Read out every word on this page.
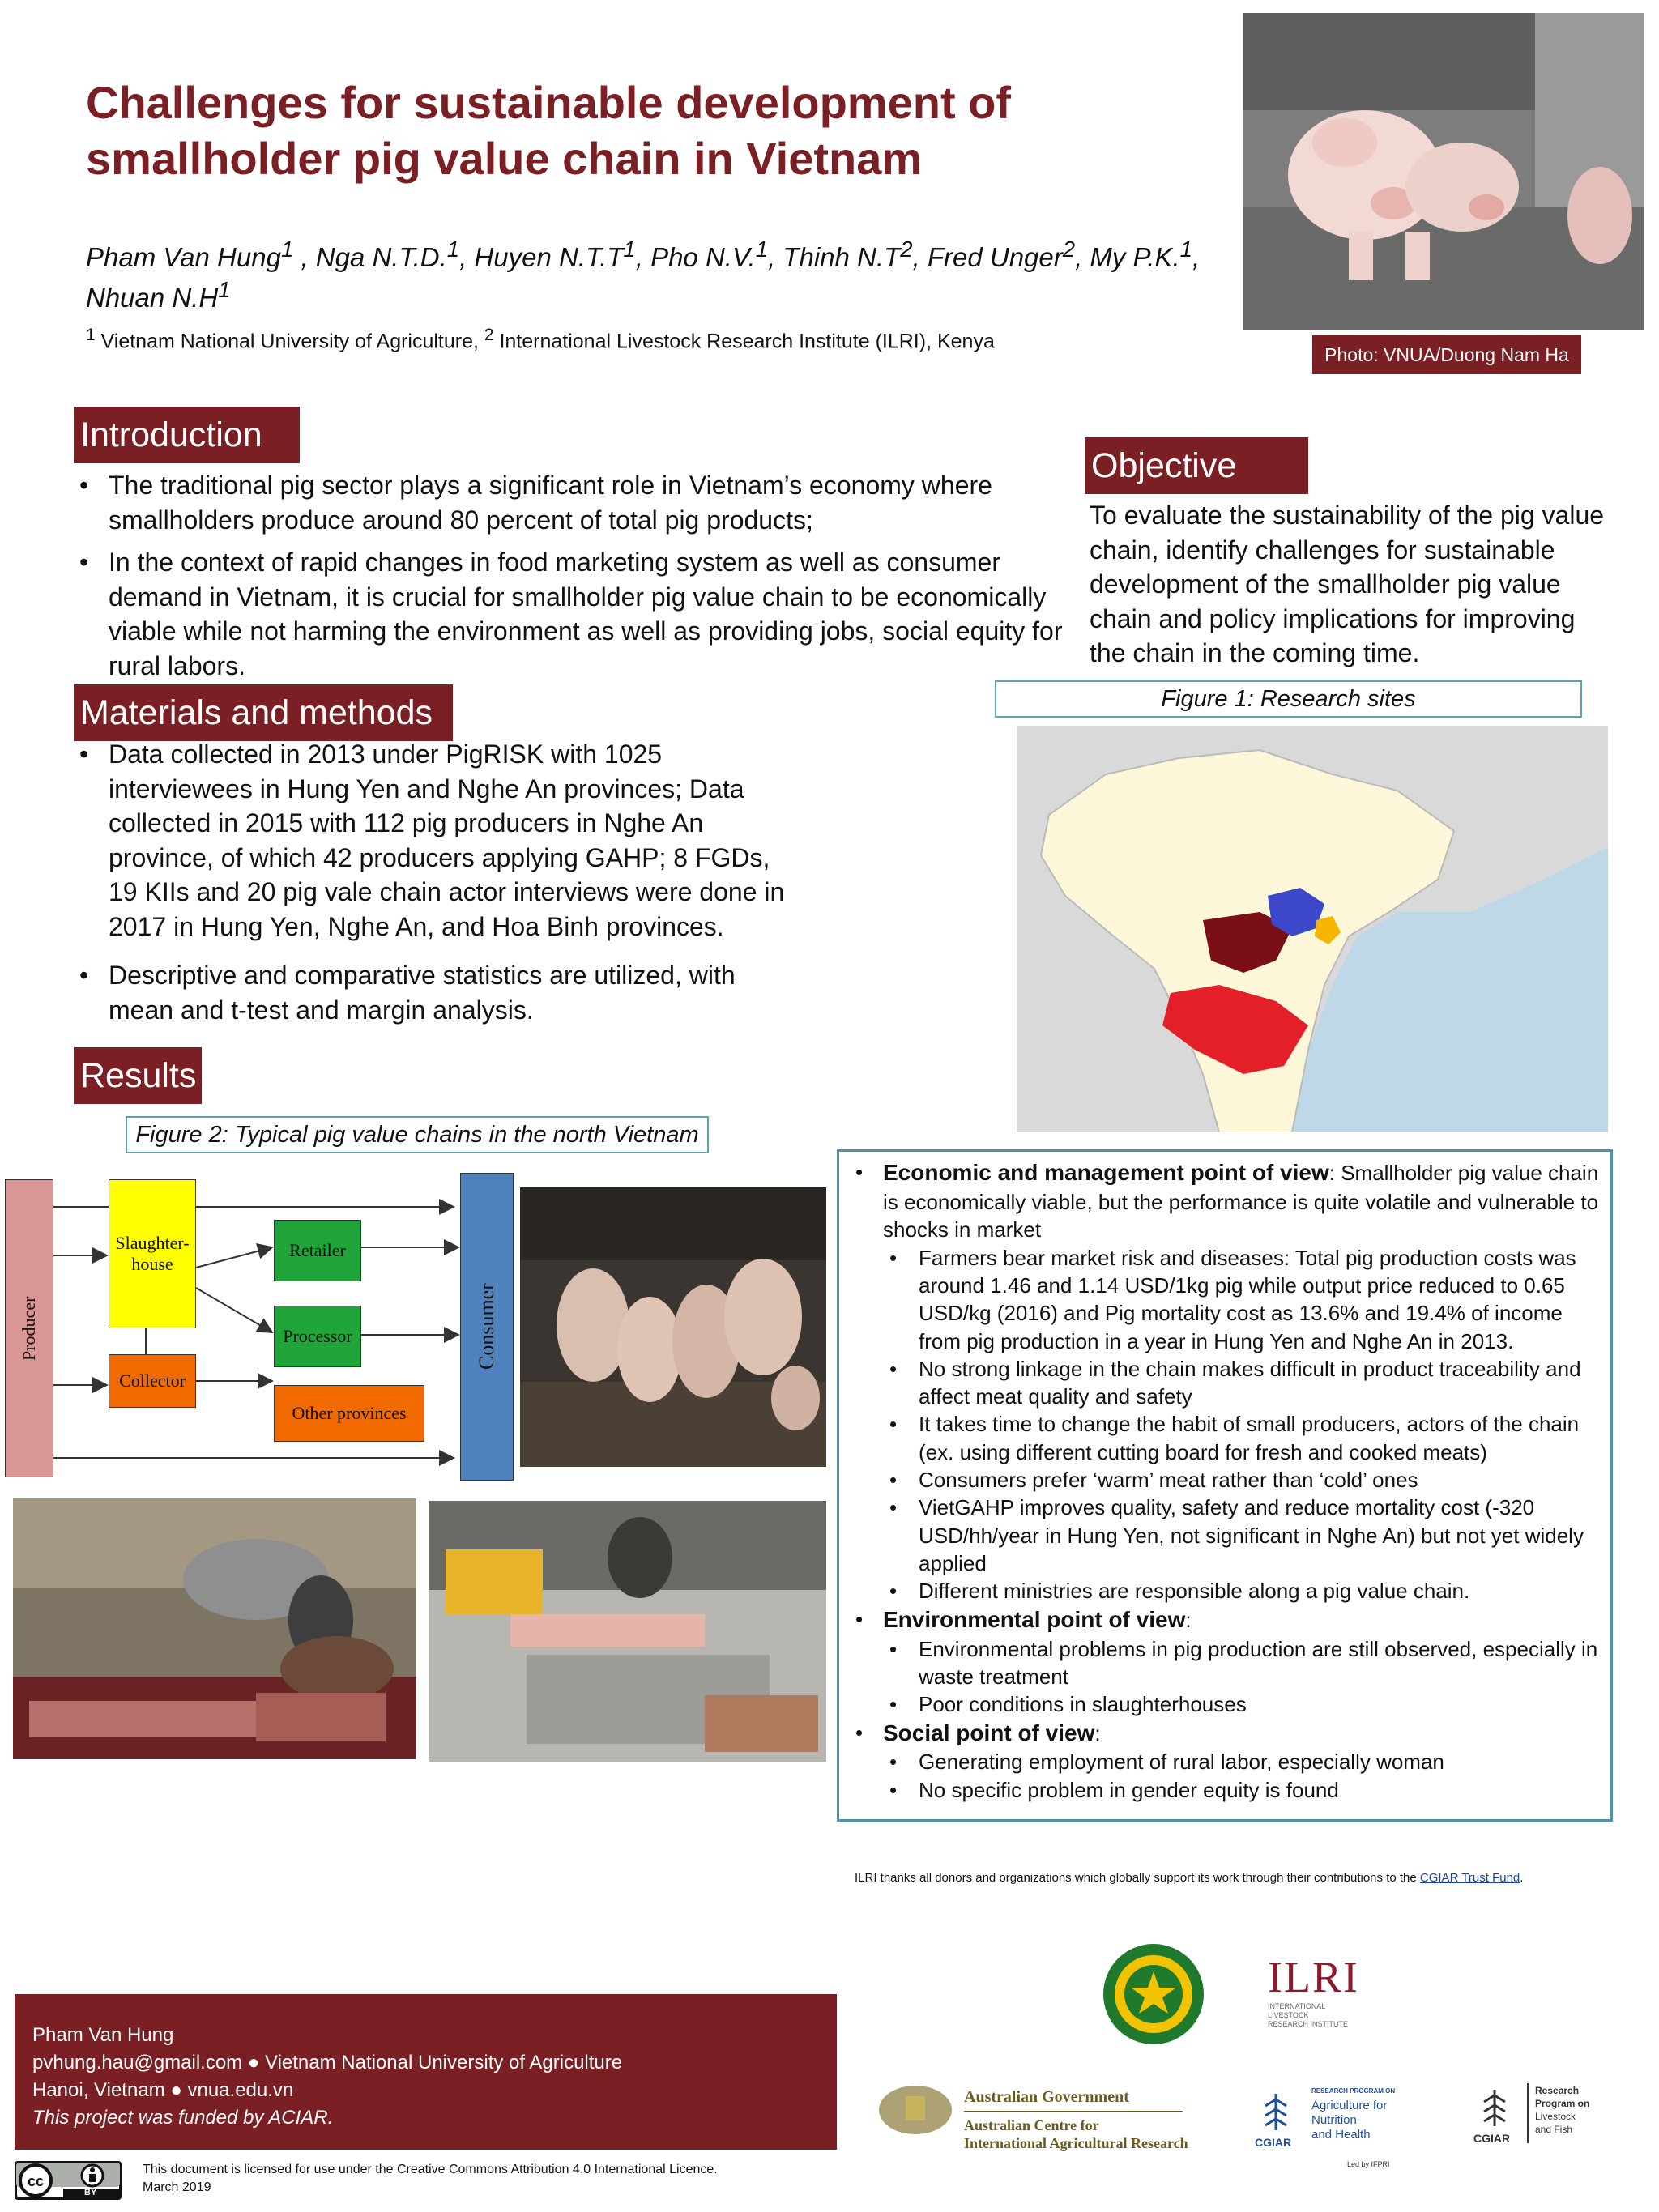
Challenges for sustainable development of
smallholder pig value chain in Vietnam
Pham Van Hung$^1$ , Nga N.T.D.$^1$, Huyen $N.T.T^1$, Pho N.V.$^1$, Thinh $N.T^2$, Fred Unger$^2$, My P.K.$^1$, Nhuan $N.H^1$
$^1$ Vietnam National University of Agriculture, $^2$ International Livestock Research Institute (ILRI), Kenya
Photo: VNUA/Duong Nam Ha
Introduction
• The traditional pig sector plays a significant role in Vietnam’s economy where smallholders produce around 80 percent of total pig products;
• In the context of rapid changes in food marketing system as well as consumer demand in Vietnam, it is crucial for smallholder pig value chain to be economically viable while not harming the environment as well as providing jobs, social equity for rural labors.
Objective
To evaluate the sustainability of the pig value chain, identify challenges for sustainable development of the smallholder pig value chain and policy implications for improving the chain in the coming time.
Materials and methods
• Data collected in 2013 under PigRISK with 1025 interviewees in Hung Yen and Nghe An provinces; Data collected in 2015 with 112 pig producers in Nghe An province, of which 42 producers applying GAHP; 8 FGDs, 19 KIIs and 20 pig vale chain actor interviews were done in 2017 in Hung Yen, Nghe An, and Hoa Binh provinces.
• Descriptive and comparative statistics are utilized, with mean and t-test and margin analysis.
Figure 1: Research sites
Results
Figure 2: Typical pig value chains in the north Vietnam
Producer
Slaughter-house
Collector
Retailer
Processor
Other provinces
Consumer
• Economic and management point of view: Smallholder pig value chain is economically viable, but the performance is quite volatile and vulnerable to shocks in market
• Farmers bear market risk and diseases: Total pig production costs was around 1.46 and 1.14 USD/1kg pig while output price reduced to 0.65 USD/kg (2016) and Pig mortality cost as 13.6% and 19.4% of income from pig production in a year in Hung Yen and Nghe An in 2013.
• No strong linkage in the chain makes difficult in product traceability and affect meat quality and safety
• It takes time to change the habit of small producers, actors of the chain (ex. using different cutting board for fresh and cooked meats)
• Consumers prefer ‘warm’ meat rather than ‘cold’ ones
• VietGAHP improves quality, safety and reduce mortality cost (-320 USD/hh/year in Hung Yen, not significant in Nghe An) but not yet widely applied
• Different ministries are responsible along a pig value chain.
• Environmental point of view:
• Environmental problems in pig production are still observed, especially in waste treatment
• Poor conditions in slaughterhouses
• Social point of view:
• Generating employment of rural labor, especially woman
• No specific problem in gender equity is found
ILRI thanks all donors and organizations which globally support its work through their contributions to the CGIAR Trust Fund.
ILRI
INTERNATIONAL LIVESTOCK RESEARCH INSTITUTE
Australian Government
Australian Centre for
International Agricultural Research	CGIAR
RESEARCH PROGRAM ON
Agriculture for
Nutrition
and Health
Led by IFPRI
CGIAR
Research
Program on
Livestock
and Fish
Pham Van Hung
pvhung.hau@gmail.com ● Vietnam National University of Agriculture
Hanoi, Vietnam ● vnua.edu.vn
This project was funded by ACIAR.
cc
BY
This document is licensed for use under the Creative Commons Attribution 4.0 International Licence.
March 2019
